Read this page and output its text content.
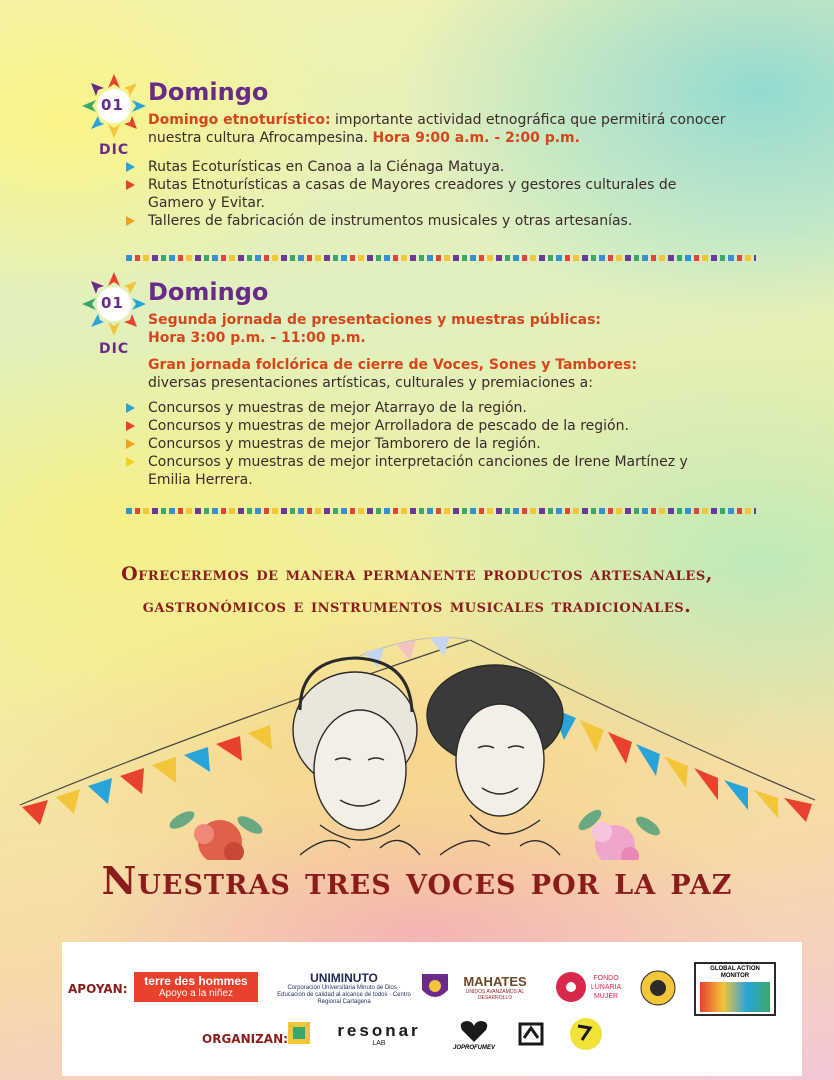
01
DIC
Domingo
Domingo etnoturístico: importante actividad etnográfica que permitirá conocer nuestra cultura Afrocampesina. Hora 9:00 a.m. - 2:00 p.m.
Rutas Ecoturísticas en Canoa a la Ciénaga Matuya.
Rutas Etnoturísticas a casas de Mayores creadores y gestores culturales de Gamero y Evitar.
Talleres de fabricación de instrumentos musicales y otras artesanías.
01
DIC
Domingo
Segunda jornada de presentaciones y muestras públicas:
Hora 3:00 p.m. - 11:00 p.m.
Gran jornada folclórica de cierre de Voces, Sones y Tambores:
diversas presentaciones artísticas, culturales y premiaciones a:
Concursos y muestras de mejor Atarrayo de la región.
Concursos y muestras de mejor Arrolladora de pescado de la región.
Concursos y muestras de mejor Tamborero de la región.
Concursos y muestras de mejor interpretación canciones de Irene Martínez y Emilia Herrera.
Ofreceremos de manera permanente productos artesanales,
gastronómicos e instrumentos musicales tradicionales.
Nuestras tres voces por la paz
APOYAN:
terre des hommes
Apoyo a la niñez
UNIMINUTO
Corporación Universitaria Minuto de Dios · Educación de calidad al alcance de todos · Centro Regional Cartagena
MAHATES
UNIDOS AVANZAMOS AL DESARROLLO
FONDO LUNARIA MUJER
GLOBAL ACTION MONITOR
ORGANIZAN:	resonar
LAB
JOPROFUMEV
